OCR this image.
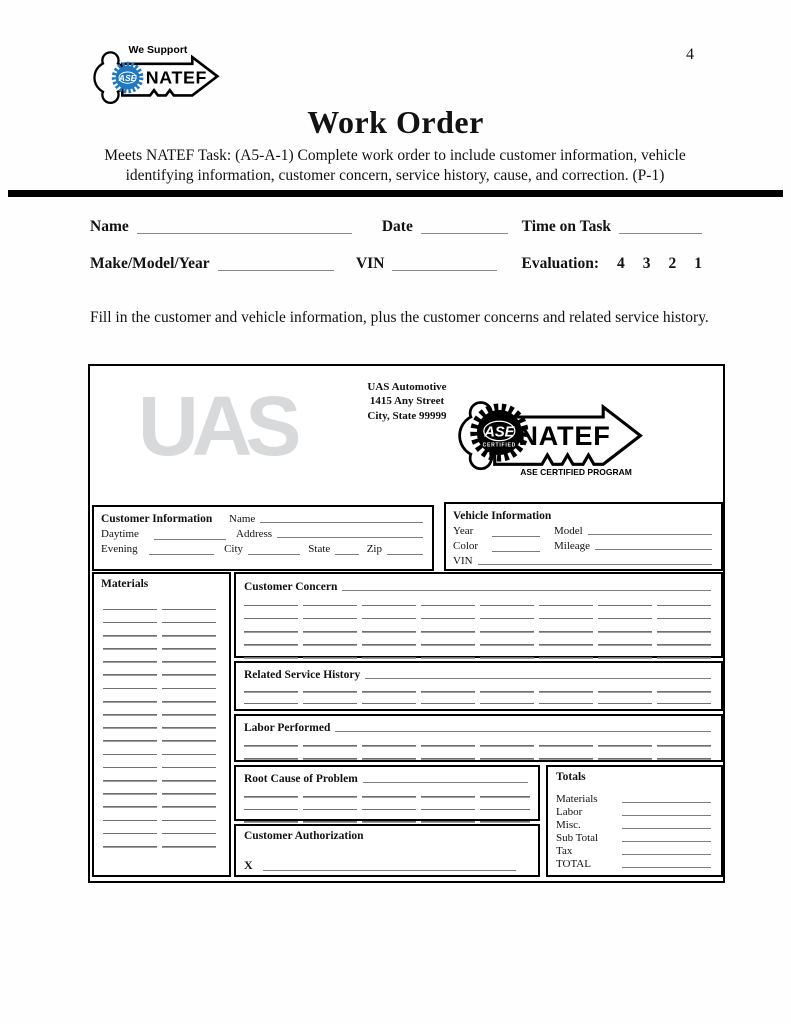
4
We Support
ASE NATEF
Work Order
Meets NATEF Task: (A5-A-1) Complete work order to include customer information, vehicle identifying information, customer concern, service history, cause, and correction. (P-1)
Name	Date	Time on Task
Make/Model/Year	VIN	Evaluation:	4 3 2 1
Fill in the customer and vehicle information, plus the customer concerns and related service history.
UAS	UAS Automotive
1415 Any Street
City, State 99999
ASE
CERTIFIED NATEF
ASE CERTIFIED PROGRAM
Customer Information	Name
Daytime	Address
Evening	City	State	Zip
Vehicle Information
Year	Model
Color	Mileage
VIN
Materials	Customer Concern
Related Service History
Labor Performed
Root Cause of Problem
Customer Authorization
X
Totals
Materials
Labor
Misc.
Sub Total
Tax
TOTAL
